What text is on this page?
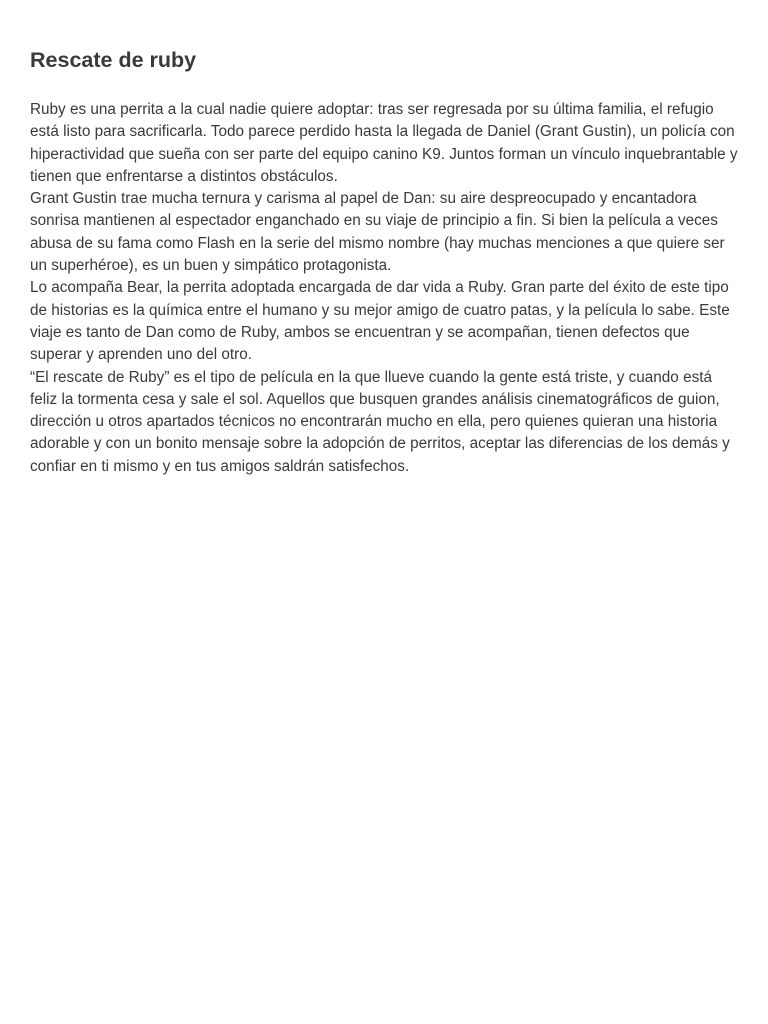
Rescate de ruby

Ruby es una perrita a la cual nadie quiere adoptar: tras ser regresada por su última familia, el refugio está listo para sacrificarla. Todo parece perdido hasta la llegada de Daniel (Grant Gustin), un policía con hiperactividad que sueña con ser parte del equipo canino K9. Juntos forman un vínculo inquebrantable y tienen que enfrentarse a distintos obstáculos.

Grant Gustin trae mucha ternura y carisma al papel de Dan: su aire despreocupado y encantadora sonrisa mantienen al espectador enganchado en su viaje de principio a fin. Si bien la película a veces abusa de su fama como Flash en la serie del mismo nombre (hay muchas menciones a que quiere ser un superhéroe), es un buen y simpático protagonista.

Lo acompaña Bear, la perrita adoptada encargada de dar vida a Ruby. Gran parte del éxito de este tipo de historias es la química entre el humano y su mejor amigo de cuatro patas, y la película lo sabe. Este viaje es tanto de Dan como de Ruby, ambos se encuentran y se acompañan, tienen defectos que superar y aprenden uno del otro.

“El rescate de Ruby” es el tipo de película en la que llueve cuando la gente está triste, y cuando está feliz la tormenta cesa y sale el sol. Aquellos que busquen grandes análisis cinematográficos de guion, dirección u otros apartados técnicos no encontrarán mucho en ella, pero quienes quieran una historia adorable y con un bonito mensaje sobre la adopción de perritos, aceptar las diferencias de los demás y confiar en ti mismo y en tus amigos saldrán satisfechos.
